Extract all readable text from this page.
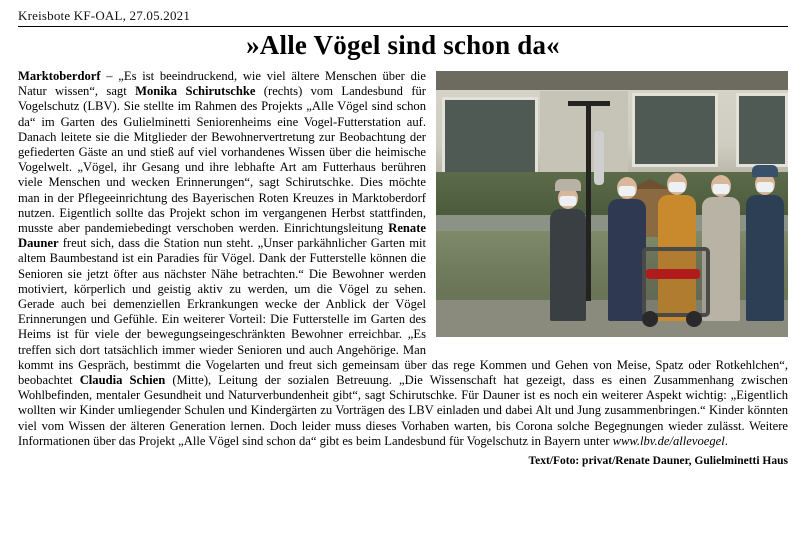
Kreisbote KF-OAL, 27.05.2021
»Alle Vögel sind schon da«
Marktoberdorf – „Es ist beeindruckend, wie viel ältere Menschen über die Natur wissen“, sagt Monika Schirutschke (rechts) vom Landesbund für Vogelschutz (LBV). Sie stellte im Rahmen des Projekts „Alle Vögel sind schon da“ im Garten des Gulielminetti Seniorenheims eine Vogel-Futterstation auf. Danach leitete sie die Mitglieder der Bewohnervertretung zur Beobachtung der gefiederten Gäste an und stieß auf viel vorhandenes Wissen über die heimische Vogelwelt. „Vögel, ihr Gesang und ihre lebhafte Art am Futterhaus berühren viele Menschen und wecken Erinnerungen“, sagt Schirutschke. Dies möchte man in der Pflegeeinrichtung des Bayerischen Roten Kreuzes in Marktoberdorf nutzen. Eigentlich sollte das Projekt schon im vergangenen Herbst stattfinden, musste aber pandemiebedingt verschoben werden. Einrichtungsleitung Renate Dauner freut sich, dass die Station nun steht. „Unser parkähnlicher Garten mit altem Baumbestand ist ein Paradies für Vögel. Dank der Futterstelle können die Senioren sie jetzt öfter aus nächster Nähe betrachten.“ Die Bewohner werden motiviert, körperlich und geistig aktiv zu werden, um die Vögel zu sehen. Gerade auch bei demenziellen Erkrankungen wecke der Anblick der Vögel Erinnerungen und Gefühle. Ein weiterer Vorteil: Die Futterstelle im Garten des Heims ist für viele der bewegungseingeschränkten Bewohner erreichbar. „Es treffen sich dort tatsächlich immer wieder Senioren und auch Angehörige. Man kommt ins Gespräch, bestimmt die Vogelarten und freut sich gemeinsam über das rege Kommen und Gehen von Meise, Spatz oder Rotkehlchen“, beobachtet Claudia Schien (Mitte), Leitung der sozialen Betreuung. „Die Wissenschaft hat gezeigt, dass es einen Zusammenhang zwischen Wohlbefinden, mentaler Gesundheit und Naturverbundenheit gibt“, sagt Schirutschke. Für Dauner ist es noch ein weiterer Aspekt wichtig: „Eigentlich wollten wir Kinder umliegender Schulen und Kindergärten zu Vorträgen des LBV einladen und dabei Alt und Jung zusammenbringen.“ Kinder könnten viel vom Wissen der älteren Generation lernen. Doch leider muss dieses Vorhaben warten, bis Corona solche Begegnungen wieder zulässt. Weitere Informationen über das Projekt „Alle Vögel sind schon da“ gibt es beim Landesbund für Vogelschutz in Bayern unter www.lbv.de/allevoegel.
Text/Foto: privat/Renate Dauner, Gulielminetti Haus
